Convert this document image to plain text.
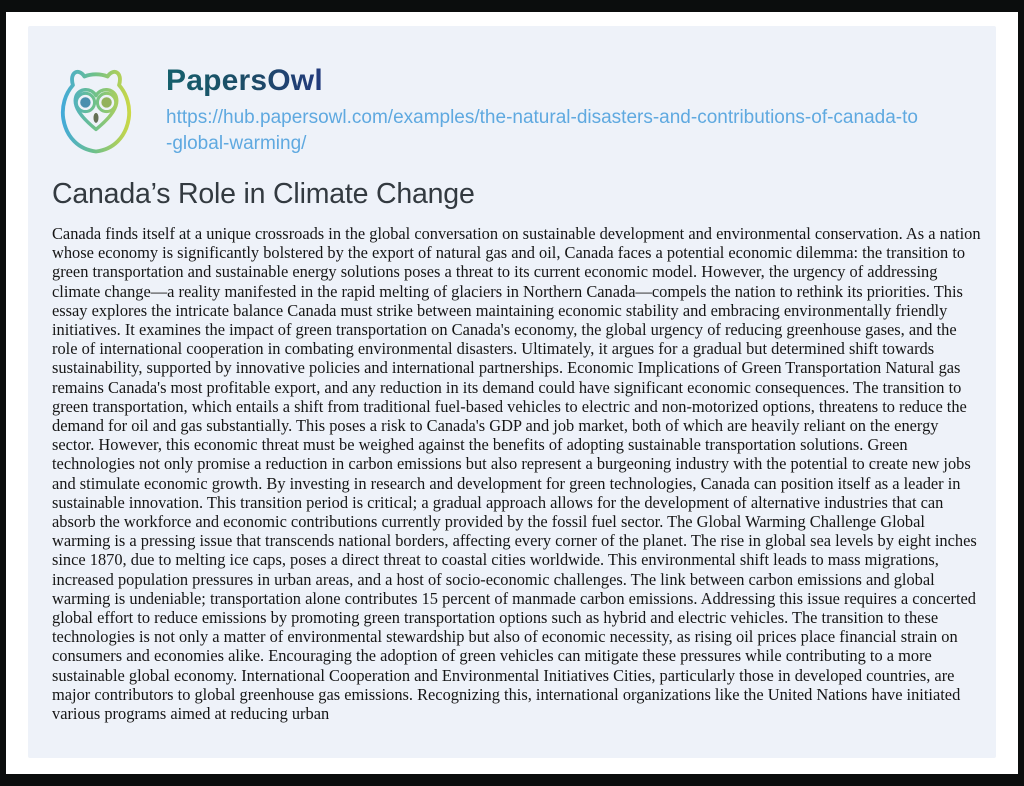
PapersOwl
https://hub.papersowl.com/examples/the-natural-disasters-and-contributions-of-canada-to-global-warming/
Canada’s Role in Climate Change

Canada finds itself at a unique crossroads in the global conversation on sustainable development and environmental conservation. As a nation whose economy is significantly bolstered by the export of natural gas and oil, Canada faces a potential economic dilemma: the transition to green transportation and sustainable energy solutions poses a threat to its current economic model. However, the urgency of addressing climate change—a reality manifested in the rapid melting of glaciers in Northern Canada—compels the nation to rethink its priorities. This essay explores the intricate balance Canada must strike between maintaining economic stability and embracing environmentally friendly initiatives. It examines the impact of green transportation on Canada's economy, the global urgency of reducing greenhouse gases, and the role of international cooperation in combating environmental disasters. Ultimately, it argues for a gradual but determined shift towards sustainability, supported by innovative policies and international partnerships. Economic Implications of Green Transportation Natural gas remains Canada's most profitable export, and any reduction in its demand could have significant economic consequences. The transition to green transportation, which entails a shift from traditional fuel-based vehicles to electric and non-motorized options, threatens to reduce the demand for oil and gas substantially. This poses a risk to Canada's GDP and job market, both of which are heavily reliant on the energy sector. However, this economic threat must be weighed against the benefits of adopting sustainable transportation solutions. Green technologies not only promise a reduction in carbon emissions but also represent a burgeoning industry with the potential to create new jobs and stimulate economic growth. By investing in research and development for green technologies, Canada can position itself as a leader in sustainable innovation. This transition period is critical; a gradual approach allows for the development of alternative industries that can absorb the workforce and economic contributions currently provided by the fossil fuel sector. The Global Warming Challenge Global warming is a pressing issue that transcends national borders, affecting every corner of the planet. The rise in global sea levels by eight inches since 1870, due to melting ice caps, poses a direct threat to coastal cities worldwide. This environmental shift leads to mass migrations, increased population pressures in urban areas, and a host of socio-economic challenges. The link between carbon emissions and global warming is undeniable; transportation alone contributes 15 percent of manmade carbon emissions. Addressing this issue requires a concerted global effort to reduce emissions by promoting green transportation options such as hybrid and electric vehicles. The transition to these technologies is not only a matter of environmental stewardship but also of economic necessity, as rising oil prices place financial strain on consumers and economies alike. Encouraging the adoption of green vehicles can mitigate these pressures while contributing to a more sustainable global economy. International Cooperation and Environmental Initiatives Cities, particularly those in developed countries, are major contributors to global greenhouse gas emissions. Recognizing this, international organizations like the United Nations have initiated various programs aimed at reducing urban
